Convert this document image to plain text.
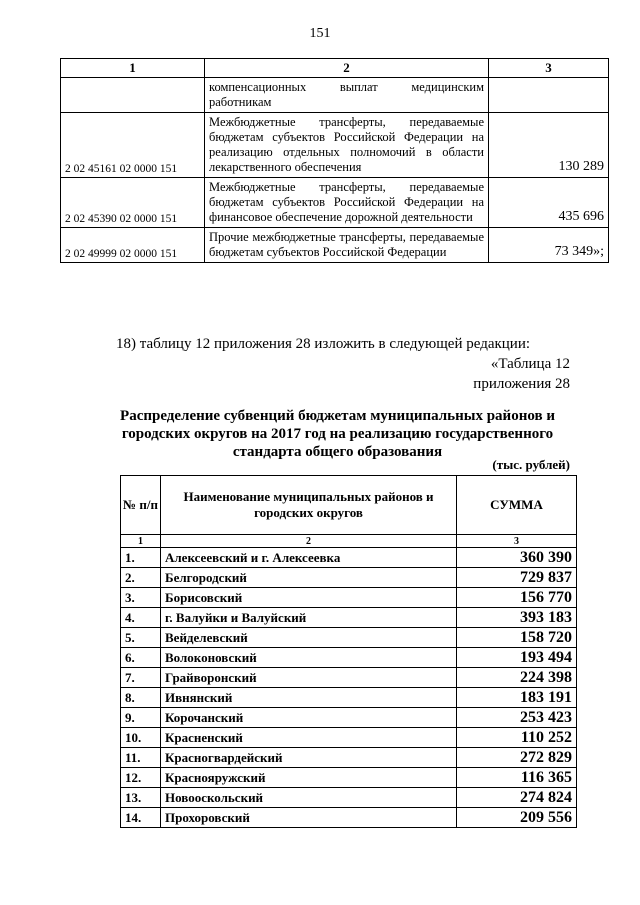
151
1	2	3
	компенсационных выплат медицинским работникам	
2 02 45161 02 0000 151	Межбюджетные трансферты, передаваемые бюджетам субъектов Российской Федерации на реализацию отдельных полномочий в области лекарственного обеспечения	130 289
2 02 45390 02 0000 151	Межбюджетные трансферты, передаваемые бюджетам субъектов Российской Федерации на финансовое обеспечение дорожной деятельности	435 696
2 02 49999 02 0000 151	Прочие межбюджетные трансферты, передаваемые бюджетам субъектов Российской Федерации	73 349»;
18) таблицу 12 приложения 28 изложить в следующей редакции:
«Таблица 12
приложения 28
Распределение субвенций бюджетам муниципальных районов и городских округов на 2017 год на реализацию государственного стандарта общего образования
(тыс. рублей)
№ п/п	Наименование муниципальных районов и городских округов	СУММА
1	2	3
1.	Алексеевский и г. Алексеевка	360 390
2.	Белгородский	729 837
3.	Борисовский	156 770
4.	г. Валуйки и Валуйский	393 183
5.	Вейделевский	158 720
6.	Волоконовский	193 494
7.	Грайворонский	224 398
8.	Ивнянский	183 191
9.	Корочанский	253 423
10.	Красненский	110 252
11.	Красногвардейский	272 829
12.	Краснояружский	116 365
13.	Новооскольский	274 824
14.	Прохоровский	209 556
